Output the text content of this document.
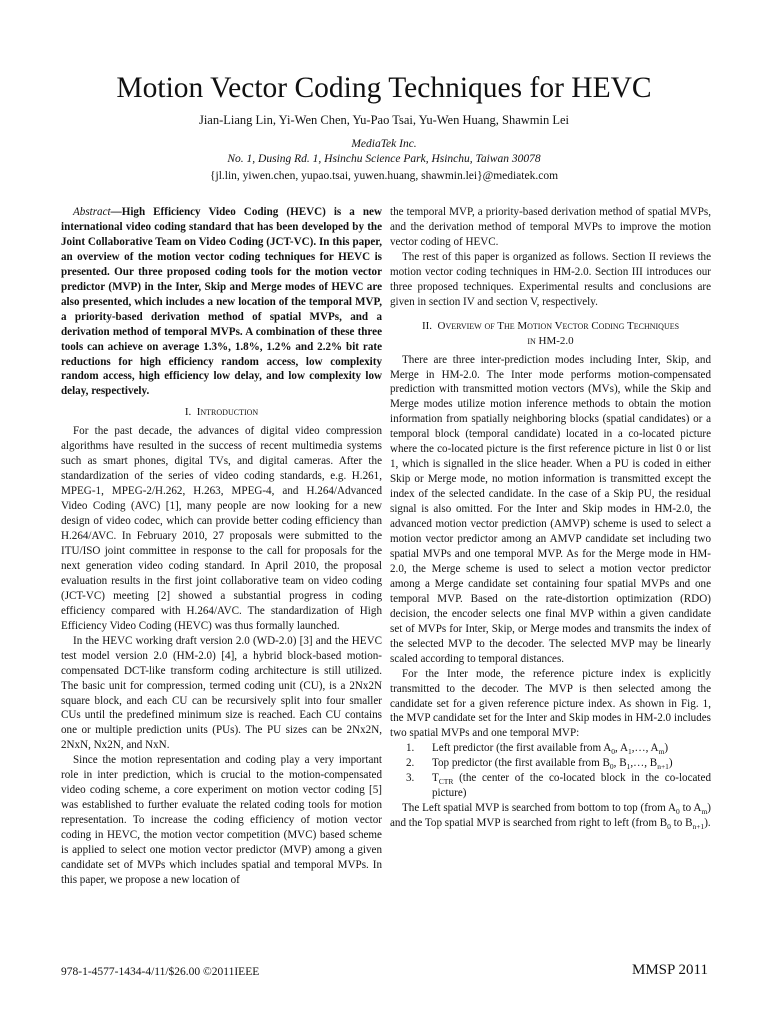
Motion Vector Coding Techniques for HEVC
Jian-Liang Lin, Yi-Wen Chen, Yu-Pao Tsai, Yu-Wen Huang, Shawmin Lei
MediaTek Inc.
No. 1, Dusing Rd. 1, Hsinchu Science Park, Hsinchu, Taiwan 30078
{jl.lin, yiwen.chen, yupao.tsai, yuwen.huang, shawmin.lei}@mediatek.com

Abstract—High Efficiency Video Coding (HEVC) is a new international video coding standard that has been developed by the Joint Collaborative Team on Video Coding (JCT-VC). In this paper, an overview of the motion vector coding techniques for HEVC is presented. Our three proposed coding tools for the motion vector predictor (MVP) in the Inter, Skip and Merge modes of HEVC are also presented, which includes a new location of the temporal MVP, a priority-based derivation method of spatial MVPs, and a derivation method of temporal MVPs. A combination of these three tools can achieve on average 1.3%, 1.8%, 1.2% and 2.2% bit rate reductions for high efficiency random access, low complexity random access, high efficiency low delay, and low complexity low delay, respectively.

I. Introduction

For the past decade, the advances of digital video compression algorithms have resulted in the success of recent multimedia systems such as smart phones, digital TVs, and digital cameras. After the standardization of the series of video coding standards, e.g. H.261, MPEG-1, MPEG-2/H.262, H.263, MPEG-4, and H.264/Advanced Video Coding (AVC) [1], many people are now looking for a new design of video codec, which can provide better coding efficiency than H.264/AVC. In February 2010, 27 proposals were submitted to the ITU/ISO joint committee in response to the call for proposals for the next generation video coding standard. In April 2010, the proposal evaluation results in the first joint collaborative team on video coding (JCT-VC) meeting [2] showed a substantial progress in coding efficiency compared with H.264/AVC. The standardization of High Efficiency Video Coding (HEVC) was thus formally launched.

In the HEVC working draft version 2.0 (WD-2.0) [3] and the HEVC test model version 2.0 (HM-2.0) [4], a hybrid block-based motion-compensated DCT-like transform coding architecture is still utilized. The basic unit for compression, termed coding unit (CU), is a 2Nx2N square block, and each CU can be recursively split into four smaller CUs until the predefined minimum size is reached. Each CU contains one or multiple prediction units (PUs). The PU sizes can be 2Nx2N, 2NxN, Nx2N, and NxN.

Since the motion representation and coding play a very important role in inter prediction, which is crucial to the motion-compensated video coding scheme, a core experiment on motion vector coding [5] was established to further evaluate the related coding tools for motion representation. To increase the coding efficiency of motion vector coding in HEVC, the motion vector competition (MVC) based scheme is applied to select one motion vector predictor (MVP) among a given candidate set of MVPs which includes spatial and temporal MVPs. In this paper, we propose a new location of

the temporal MVP, a priority-based derivation method of spatial MVPs, and the derivation method of temporal MVPs to improve the motion vector coding of HEVC.

The rest of this paper is organized as follows. Section II reviews the motion vector coding techniques in HM-2.0. Section III introduces our three proposed techniques. Experimental results and conclusions are given in section IV and section V, respectively.

II. Overview of The Motion Vector Coding Techniques
in HM-2.0

There are three inter-prediction modes including Inter, Skip, and Merge in HM-2.0. The Inter mode performs motion-compensated prediction with transmitted motion vectors (MVs), while the Skip and Merge modes utilize motion inference methods to obtain the motion information from spatially neighboring blocks (spatial candidates) or a temporal block (temporal candidate) located in a co-located picture where the co-located picture is the first reference picture in list 0 or list 1, which is signalled in the slice header. When a PU is coded in either Skip or Merge mode, no motion information is transmitted except the index of the selected candidate. In the case of a Skip PU, the residual signal is also omitted. For the Inter and Skip modes in HM-2.0, the advanced motion vector prediction (AMVP) scheme is used to select a motion vector predictor among an AMVP candidate set including two spatial MVPs and one temporal MVP. As for the Merge mode in HM-2.0, the Merge scheme is used to select a motion vector predictor among a Merge candidate set containing four spatial MVPs and one temporal MVP. Based on the rate-distortion optimization (RDO) decision, the encoder selects one final MVP within a given candidate set of MVPs for Inter, Skip, or Merge modes and transmits the index of the selected MVP to the decoder. The selected MVP may be linearly scaled according to temporal distances.

For the Inter mode, the reference picture index is explicitly transmitted to the decoder. The MVP is then selected among the candidate set for a given reference picture index. As shown in Fig. 1, the MVP candidate set for the Inter and Skip modes in HM-2.0 includes two spatial MVPs and one temporal MVP:

1. Left predictor (the first available from $A_0$, $A_1,\dots$, $A_m$)
2. Top predictor (the first available from $B_0$, $B_1,\dots$, $B_{n+1}$)
3. $T_{CTR}$ (the center of the co-located block in the co-located picture)

The Left spatial MVP is searched from bottom to top (from $A_0$ to $A_m$) and the Top spatial MVP is searched from right to left (from $B_0$ to $B_{n+1}$).

978-1-4577-1434-4/11/$26.00 ©2011IEEE	MMSP 2011
